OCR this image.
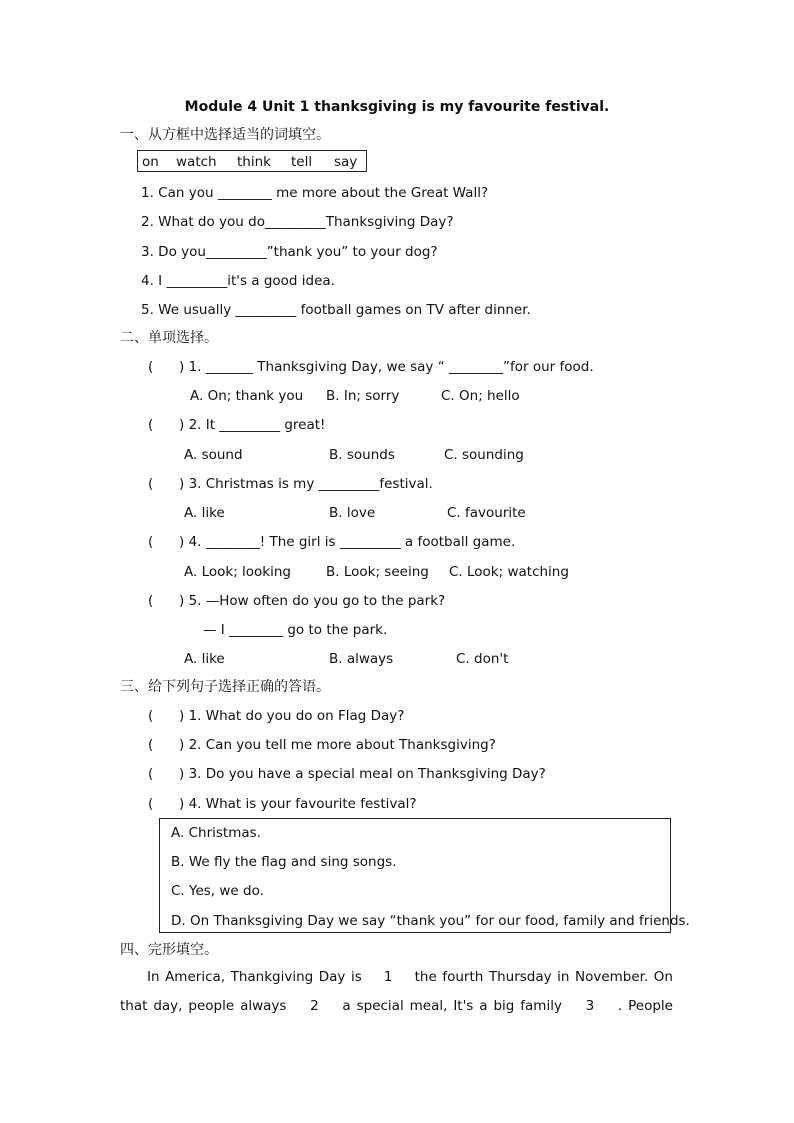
Module 4 Unit 1 thanksgiving is my favourite festival.
一、从方框中选择适当的词填空。
on watch think tell say
1. Can you ________ me more about the Great Wall?
2. What do you do_________Thanksgiving Day?
3. Do you_________”thank you” to your dog?
4. I _________it's a good idea.
5. We usually _________ football games on TV after dinner.
二、单项选择。
(      ) 1. _______ Thanksgiving Day, we say “ ________”for our food.
A. On; thank you B. In; sorry	C. On; hello
(      ) 2. It _________ great!
A. sound	B. sounds	C. sounding
(      ) 3. Christmas is my _________festival.
A. like	B. love	C. favourite
(      ) 4. ________! The girl is _________ a football game.
A. Look; looking	B. Look; seeing C. Look; watching
(      ) 5. —How often do you go to the park?
— I ________ go to the park.
A. like	B. always	C. don't
三、给下列句子选择正确的答语。
(      ) 1. What do you do on Flag Day?
(      ) 2. Can you tell me more about Thanksgiving?
(      ) 3. Do you have a special meal on Thanksgiving Day?
(      ) 4. What is your favourite festival?
A. Christmas.
B. We fly the flag and sing songs.
C. Yes, we do.
D. On Thanksgiving Day we say “thank you” for our food, family and friends.
四、完形填空。
In America, Thankgiving Day is    1    the fourth Thursday in November. On
that day, people always    2    a special meal, It's a big family    3    . People
